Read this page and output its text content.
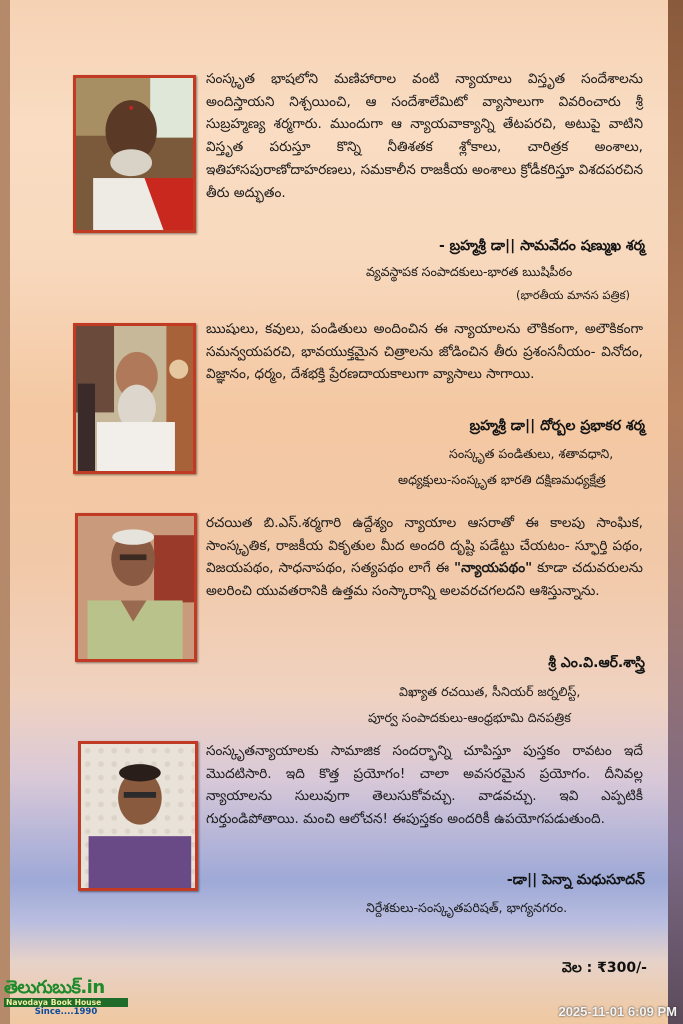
సంస్కృత భాషలోని మణిహారాల వంటి న్యాయాలు విస్తృత సందేశాలను అందిస్తాయని నిశ్చయించి, ఆ సందేశాలేమిటో వ్యాసాలుగా వివరించారు శ్రీ సుబ్రహ్మణ్య శర్మగారు. ముందుగా ఆ న్యాయవాక్యాన్ని తేటపరచి, అటుపై వాటిని విస్తృత పరుస్తూ కొన్ని నీతిశతక శ్లోకాలు, చారిత్రక అంశాలు, ఇతిహాసపురాణోదాహరణలు, సమకాలీన రాజకీయ అంశాలు క్రోడీకరిస్తూ విశదపరచిన తీరు అద్భుతం.

- బ్రహ్మశ్రీ డా|| సామవేదం షణ్ముఖ శర్మ
వ్యవస్థాపక సంపాదకులు-భారత ఋషిపీఠం
(భారతీయ మానస పత్రిక)

ఋషులు, కవులు, పండితులు అందించిన ఈ న్యాయాలను లౌకికంగా, అలౌకికంగా సమన్వయపరచి, భావయుక్తమైన చిత్రాలను జోడించిన తీరు ప్రశంసనీయం- వినోదం, విజ్ఞానం, ధర్మం, దేశభక్తి ప్రేరణదాయకాలుగా వ్యాసాలు సాగాయి.

బ్రహ్మశ్రీ డా|| దోర్బల ప్రభాకర శర్మ
సంస్కృత పండితులు, శతావధాని,
అధ్యక్షులు-సంస్కృత భారతి దక్షిణమధ్యక్షేత్ర

రచయిత బి.ఎస్.శర్మగారి ఉద్దేశ్యం న్యాయాల ఆసరాతో ఈ కాలపు సాంఘిక, సాంస్కృతిక, రాజకీయ వికృతుల మీద అందరి దృష్టి పడేట్టు చేయటం- స్ఫూర్తి పథం, విజయపథం, సాధనాపథం, సత్యపథం లాగే ఈ "న్యాయపథం" కూడా చదువరులను అలరించి యువతరానికి ఉత్తమ సంస్కారాన్ని అలవరచగలదని ఆశిస్తున్నాను.

శ్రీ ఎం.వి.ఆర్.శాస్త్రి
విఖ్యాత రచయిత, సీనియర్ జర్నలిస్ట్,
పూర్వ సంపాదకులు-ఆంధ్రభూమి దినపత్రిక

సంస్కృతన్యాయాలకు సామాజిక సందర్భాన్ని చూపిస్తూ పుస్తకం రావటం ఇదే మొదటిసారి. ఇది కొత్త ప్రయోగం! చాలా అవసరమైన ప్రయోగం. దీనివల్ల న్యాయాలను సులువుగా తెలుసుకోవచ్చు. వాడవచ్చు. ఇవి ఎప్పటికీ గుర్తుండిపోతాయి. మంచి ఆలోచన! ఈపుస్తకం అందరికీ ఉపయోగపడుతుంది.

-డా|| పెన్నా మధుసూదన్
నిర్దేశకులు-సంస్కృతపరిషత్, భాగ్యనగరం.
వెల : ₹300/-
తెలుగుబుక్.in
Navodaya Book House
Since....1990	2025-11-01 6:09 PM
